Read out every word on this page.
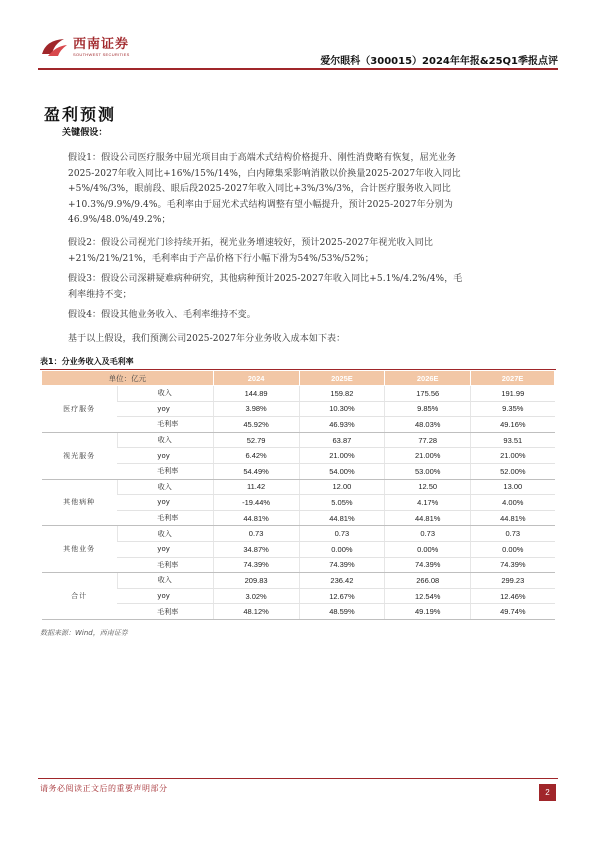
西南证券
SOUTHWEST SECURITIES
爱尔眼科（300015）2024年年报&25Q1季报点评
盈利预测
关键假设：
假设1：假设公司医疗服务中屈光项目由于高端术式结构价格提升、刚性消费略有恢复，屈光业务2025-2027年收入同比+16%/15%/14%，白内障集采影响消散以价换量2025-2027年收入同比+5%/4%/3%，眼前段、眼后段2025-2027年收入同比+3%/3%/3%，合计医疗服务收入同比+10.3%/9.9%/9.4%。毛利率由于屈光术式结构调整有望小幅提升，预计2025-2027年分别为46.9%/48.0%/49.2%；
假设2：假设公司视光门诊持续开拓，视光业务增速较好，预计2025-2027年视光收入同比+21%/21%/21%，毛利率由于产品价格下行小幅下滑为54%/53%/52%；
假设3：假设公司深耕疑难病种研究，其他病种预计2025-2027年收入同比+5.1%/4.2%/4%，毛利率维持不变；
假设4：假设其他业务收入、毛利率维持不变。
基于以上假设，我们预测公司2025-2027年分业务收入成本如下表：
表1：分业务收入及毛利率
单位：亿元		2024	2025E	2026E	2027E
医疗服务	收入	144.89	159.82	175.56	191.99
	yoy	3.98%	10.30%	9.85%	9.35%
	毛利率	45.92%	46.93%	48.03%	49.16%
视光服务	收入	52.79	63.87	77.28	93.51
	yoy	6.42%	21.00%	21.00%	21.00%
	毛利率	54.49%	54.00%	53.00%	52.00%
其他病种	收入	11.42	12.00	12.50	13.00
	yoy	-19.44%	5.05%	4.17%	4.00%
	毛利率	44.81%	44.81%	44.81%	44.81%
其他业务	收入	0.73	0.73	0.73	0.73
	yoy	34.87%	0.00%	0.00%	0.00%
	毛利率	74.39%	74.39%	74.39%	74.39%
合计	收入	209.83	236.42	266.08	299.23
	yoy	3.02%	12.67%	12.54%	12.46%
	毛利率	48.12%	48.59%	49.19%	49.74%
数据来源：Wind，西南证券
请务必阅读正文后的重要声明部分	2
